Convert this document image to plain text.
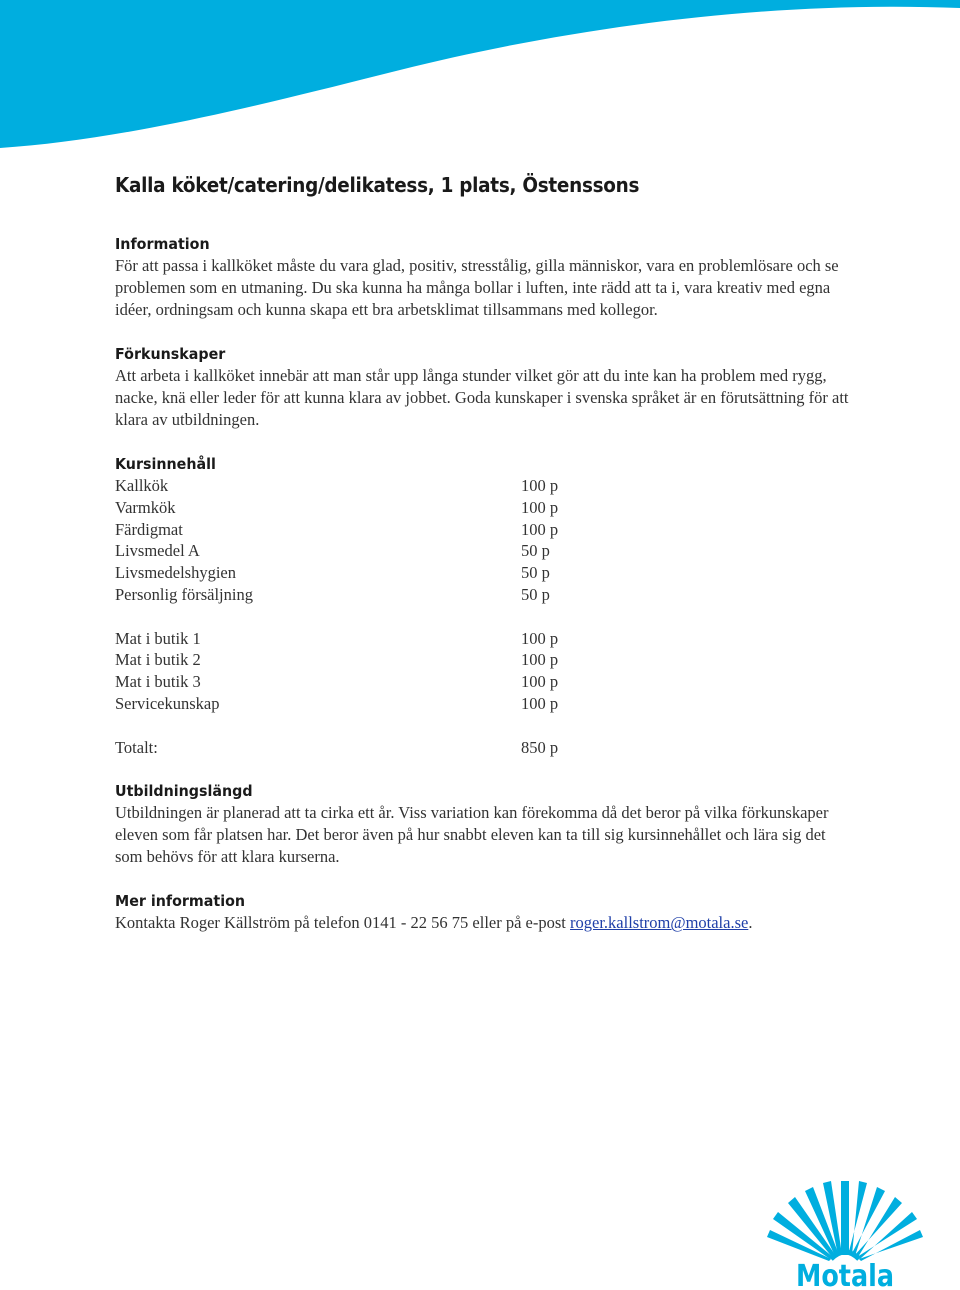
Kalla köket/catering/delikatess, 1 plats, Östenssons
Information

För att passa i kallköket måste du vara glad, positiv, stresstålig, gilla människor, vara en problemlösare och se problemen som en utmaning. Du ska kunna ha många bollar i luften, inte rädd att ta i, vara kreativ med egna idéer, ordningsam och kunna skapa ett bra arbetsklimat tillsammans med kollegor.

Förkunskaper

Att arbeta i kallköket innebär att man står upp långa stunder vilket gör att du inte kan ha problem med rygg, nacke, knä eller leder för att kunna klara av jobbet. Goda kunskaper i svenska språket är en förutsättning för att klara av utbildningen.

Kursinnehåll
Kallkök	100 p
Varmkök	100 p
Färdigmat	100 p
Livsmedel A	50 p
Livsmedelshygien	50 p
Personlig försäljning	50 p
Mat i butik 1	100 p
Mat i butik 2	100 p
Mat i butik 3	100 p
Servicekunskap	100 p
Totalt:	850 p
Utbildningslängd

Utbildningen är planerad att ta cirka ett år. Viss variation kan förekomma då det beror på vilka förkunskaper eleven som får platsen har. Det beror även på hur snabbt eleven kan ta till sig kursinnehållet och lära sig det som behövs för att klara kurserna.

Mer information

Kontakta Roger Källström på telefon 0141 - 22 56 75 eller på e-post roger.kallstrom@motala.se.

Motala
